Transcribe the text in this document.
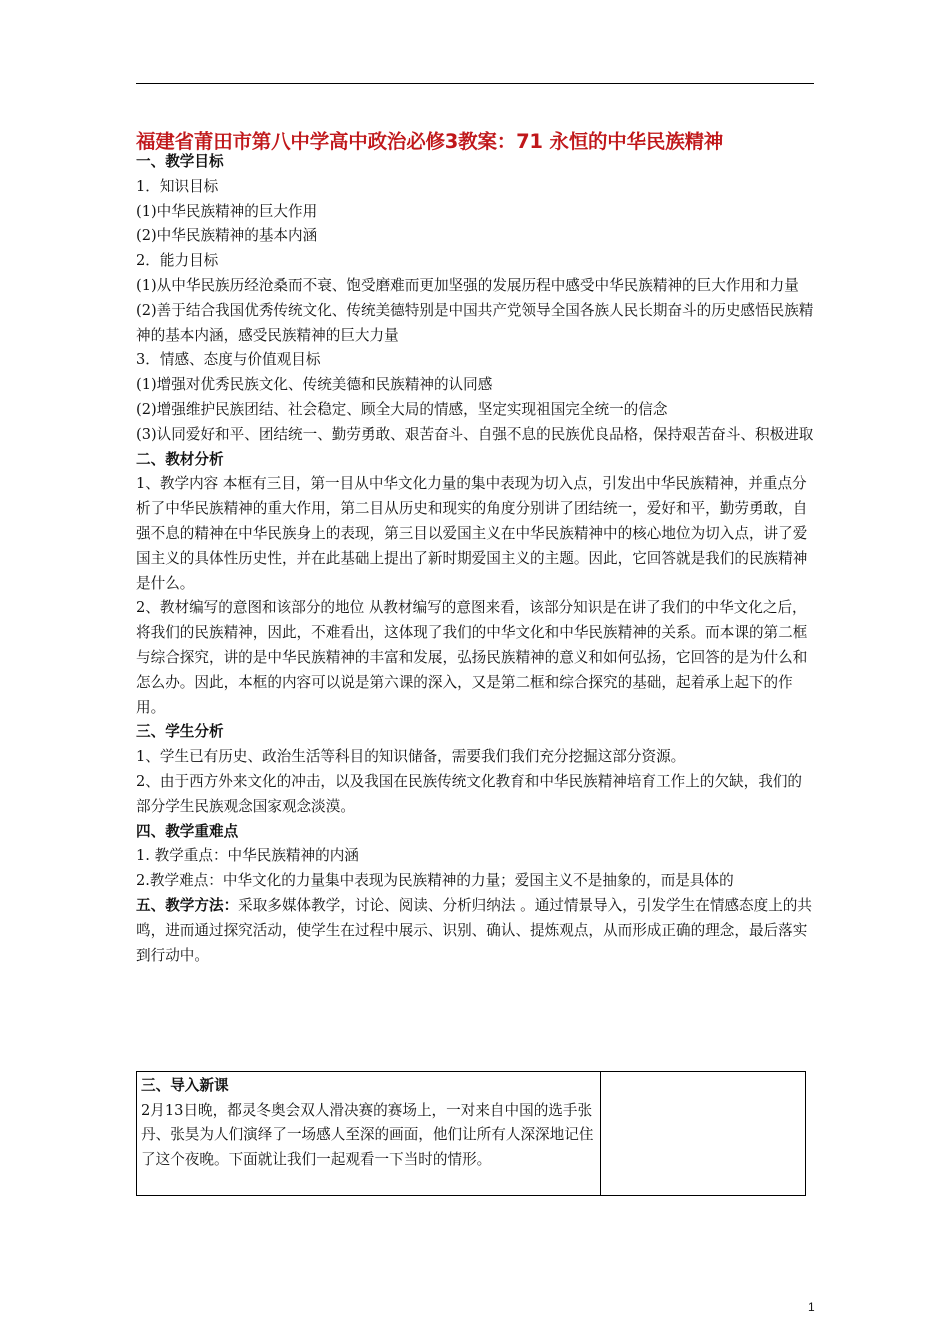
福建省莆田市第八中学高中政治必修3教案：71 永恒的中华民族精神

一、教学目标

1．知识目标

(1)中华民族精神的巨大作用

(2)中华民族精神的基本内涵

2．能力目标

(1)从中华民族历经沧桑而不衰、饱受磨难而更加坚强的发展历程中感受中华民族精神的巨大作用和力量

(2)善于结合我国优秀传统文化、传统美德特别是中国共产党领导全国各族人民长期奋斗的历史感悟民族精神的基本内涵，感受民族精神的巨大力量

3．情感、态度与价值观目标

(1)增强对优秀民族文化、传统美德和民族精神的认同感

(2)增强维护民族团结、社会稳定、顾全大局的情感，坚定实现祖国完全统一的信念

(3)认同爱好和平、团结统一、勤劳勇敢、艰苦奋斗、自强不息的民族优良品格，保持艰苦奋斗、积极进取

二、教材分析

1、教学内容 本框有三目，第一目从中华文化力量的集中表现为切入点，引发出中华民族精神，并重点分析了中华民族精神的重大作用，第二目从历史和现实的角度分别讲了团结统一，爱好和平，勤劳勇敢，自强不息的精神在中华民族身上的表现，第三目以爱国主义在中华民族精神中的核心地位为切入点，讲了爱国主义的具体性历史性，并在此基础上提出了新时期爱国主义的主题。因此，它回答就是我们的民族精神是什么。

2、教材编写的意图和该部分的地位 从教材编写的意图来看，该部分知识是在讲了我们的中华文化之后，将我们的民族精神，因此，不难看出，这体现了我们的中华文化和中华民族精神的关系。而本课的第二框与综合探究，讲的是中华民族精神的丰富和发展，弘扬民族精神的意义和如何弘扬，它回答的是为什么和怎么办。因此，本框的内容可以说是第六课的深入，又是第二框和综合探究的基础，起着承上起下的作用。

三、学生分析

1、学生已有历史、政治生活等科目的知识储备，需要我们我们充分挖掘这部分资源。

2、由于西方外来文化的冲击，以及我国在民族传统文化教育和中华民族精神培育工作上的欠缺，我们的部分学生民族观念国家观念淡漠。

四、教学重难点

1. 教学重点：中华民族精神的内涵

2.教学难点：中华文化的力量集中表现为民族精神的力量；爱国主义不是抽象的，而是具体的

五、教学方法：采取多媒体教学，讨论、阅读、分析归纳法 。通过情景导入，引发学生在情感态度上的共鸣，进而通过探究活动，使学生在过程中展示、识别、确认、提炼观点，从而形成正确的理念，最后落实到行动中。

三、导入新课
2月13日晚，都灵冬奥会双人滑决赛的赛场上，一对来自中国的选手张丹、张昊为人们演绎了一场感人至深的画面，他们让所有人深深地记住了这个夜晚。下面就让我们一起观看一下当时的情形。
1
